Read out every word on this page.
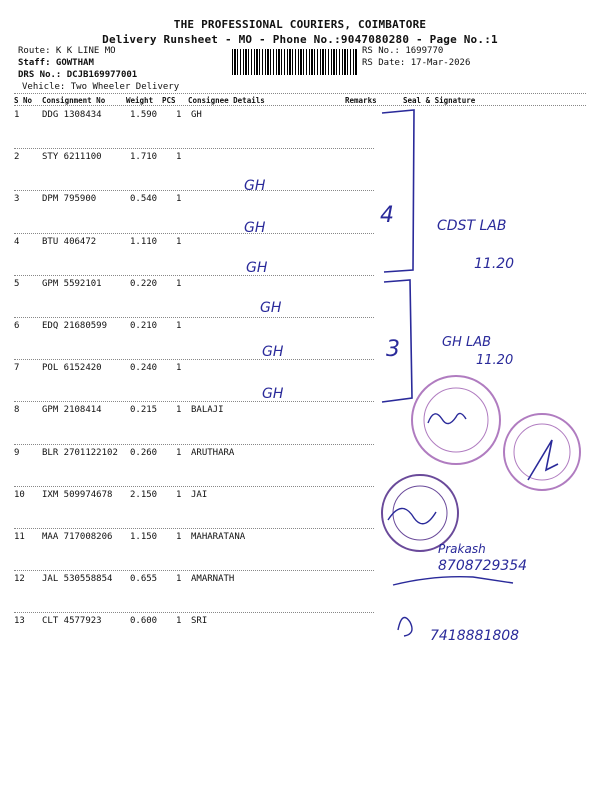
THE PROFESSIONAL COURIERS, COIMBATORE
Delivery Runsheet - MO - Phone No.:9047080280 - Page No.:1
Route: K K LINE MO
Staff: GOWTHAM
DRS No.: DCJB169977001
Vehicle: Two Wheeler Delivery
RS No.: 1699770
RS Date: 17-Mar-2026
S No Consignment No	Weight PCS Consignee Details	Remarks	Seal & Signature
1	DDG 1308434	1.590 1 GH
2	STY 6211100	1.710 1
3	DPM 795900	0.540 1
4	BTU 406472	1.110 1
5	GPM 5592101	0.220 1
6	EDQ 21680599	0.210 1
7	POL 6152420	0.240 1
8	GPM 2108414	0.215 1 BALAJI
9	BLR 2701122102 0.260 1 ARUTHARA
10 IXM 509974678 2.150 1 JAI
11 MAA 717008206 1.150 1 MAHARATANA
12 JAL 530558854 0.655 1 AMARNATH
13 CLT 4577923	0.600 1 SRI
GH
GH
GH
GH
GH
GH
4
3
CDST LAB
11.20
GH LAB
11.20
Prakash
8708729354
7418881808
